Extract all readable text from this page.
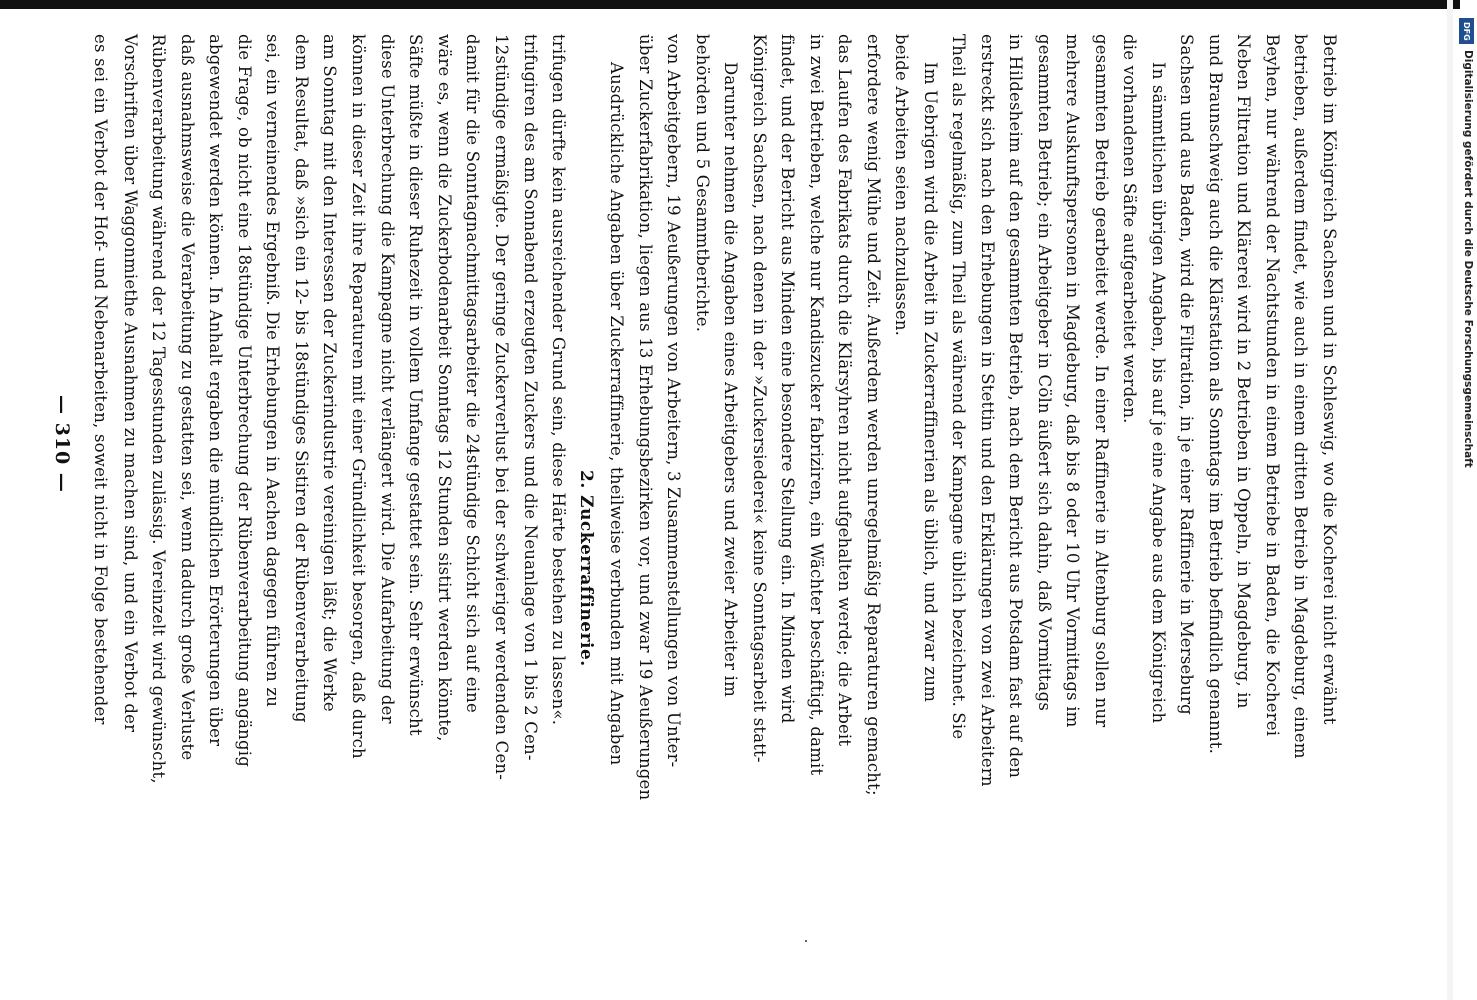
— 310 — es sei ein Verbot der Hof- und Nebenarbeiten, soweit nicht in Folge bestehender Vorschriften über Waggonmiethe Ausnahmen zu machen sind, und ein Verbot der Rübenverarbeitung während der 12 Tagesstunden zulässig. Vereinzelt wird gewünscht, daß ausnahmsweise die Verarbeitung zu gestatten sei, wenn dadurch große Verluste abgewendet werden können. In Anhalt ergaben die mündlichen Erörterungen über die Frage, ob nicht eine 18stündige Unterbrechung der Rübenverarbeitung angängig sei, ein verneinendes Ergebniß. Die Erhebungen in Aachen dagegen führen zu dem Resultat, daß »sich ein 12- bis 18stündiges Sistiren der Rübenverarbeitung am Sonntag mit den Interessen der Zuckerindustrie vereinigen läßt; die Werke können in dieser Zeit ihre Reparaturen mit einer Gründlichkeit besorgen, daß durch diese Unterbrechung die Kampagne nicht verlängert wird. Die Aufarbeitung der Säfte müßte in dieser Ruhezeit in vollem Umfange gestattet sein. Sehr erwünscht wäre es, wenn die Zuckerbodenarbeit Sonntags 12 Stunden sistirt werden könnte, damit für die Sonntagnachmittagsarbeiter die 24stündige Schicht sich auf eine 12stündige ermäßigte. Der geringe Zuckerverlust bei der schwieriger werdenden Cen- trifugiren des am Sonnabend erzeugten Zuckers und die Neuanlage von 1 bis 2 Cen- trifugen dürfte kein ausreichender Grund sein, diese Härte bestehen zu lassen«. 2. Zuckerraffinerie. Ausdrückliche Angaben über Zuckerraffinerie, theilweise verbunden mit Angaben über Zuckerfabrikation, liegen aus 13 Erhebungsbezirken vor, und zwar 19 Aeußerungen von Arbeitgebern, 19 Aeußerungen von Arbeitern, 3 Zusammenstellungen von Unter- behörden und 5 Gesammtberichte. Darunter nehmen die Angaben eines Arbeitgebers und zweier Arbeiter im Königreich Sachsen, nach denen in der »Zuckersiederei« keine Sonntagsarbeit statt- findet, und der Bericht aus Minden eine besondere Stellung ein. In Minden wird in zwei Betrieben, welche nur Kandiszucker fabriziren, ein Wächter beschäftigt, damit das Laufen des Fabrikats durch die Klärsyhren nicht aufgehalten werde; die Arbeit erfordere wenig Mühe und Zeit. Außerdem werden unregelmäßig Reparaturen gemacht; beide Arbeiten seien nachzulassen. Im Uebrigen wird die Arbeit in Zuckerraffinerien als üblich, und zwar zum Theil als regelmäßig, zum Theil als während der Kampagne üblich bezeichnet. Sie erstreckt sich nach den Erhebungen in Stettin und den Erklärungen von zwei Arbeitern in Hildesheim auf den gesammten Betrieb, nach dem Bericht aus Potsdam fast auf den gesammten Betrieb; ein Arbeitgeber in Cöln äußert sich dahin, daß Vormittags mehrere Auskunftspersonen in Magdeburg, daß bis 8 oder 10 Uhr Vormittags im gesammten Betrieb gearbeitet werde. In einer Raffinerie in Altenburg sollen nur die vorhandenen Säfte aufgearbeitet werden. In sämmtlichen übrigen Angaben, bis auf je eine Angabe aus dem Königreich Sachsen und aus Baden, wird die Filtration, in je einer Raffinerie in Merseburg und Braunschweig auch die Klärstation als Sonntags im Betrieb befindlich genannt. Neben Filtration und Klärerei wird in 2 Betrieben in Oppeln, in Magdeburg, in Beyhen, nur während der Nachtstunden in einem Betriebe in Baden, die Kocherei betrieben, außerdem findet, wie auch in einem dritten Betrieb in Magdeburg, einem Betrieb im Königreich Sachsen und in Schleswig, wo die Kocherei nicht erwähnt
DFG
Digitalisierung gefördert durch die Deutsche Forschungsgemeinschaft
